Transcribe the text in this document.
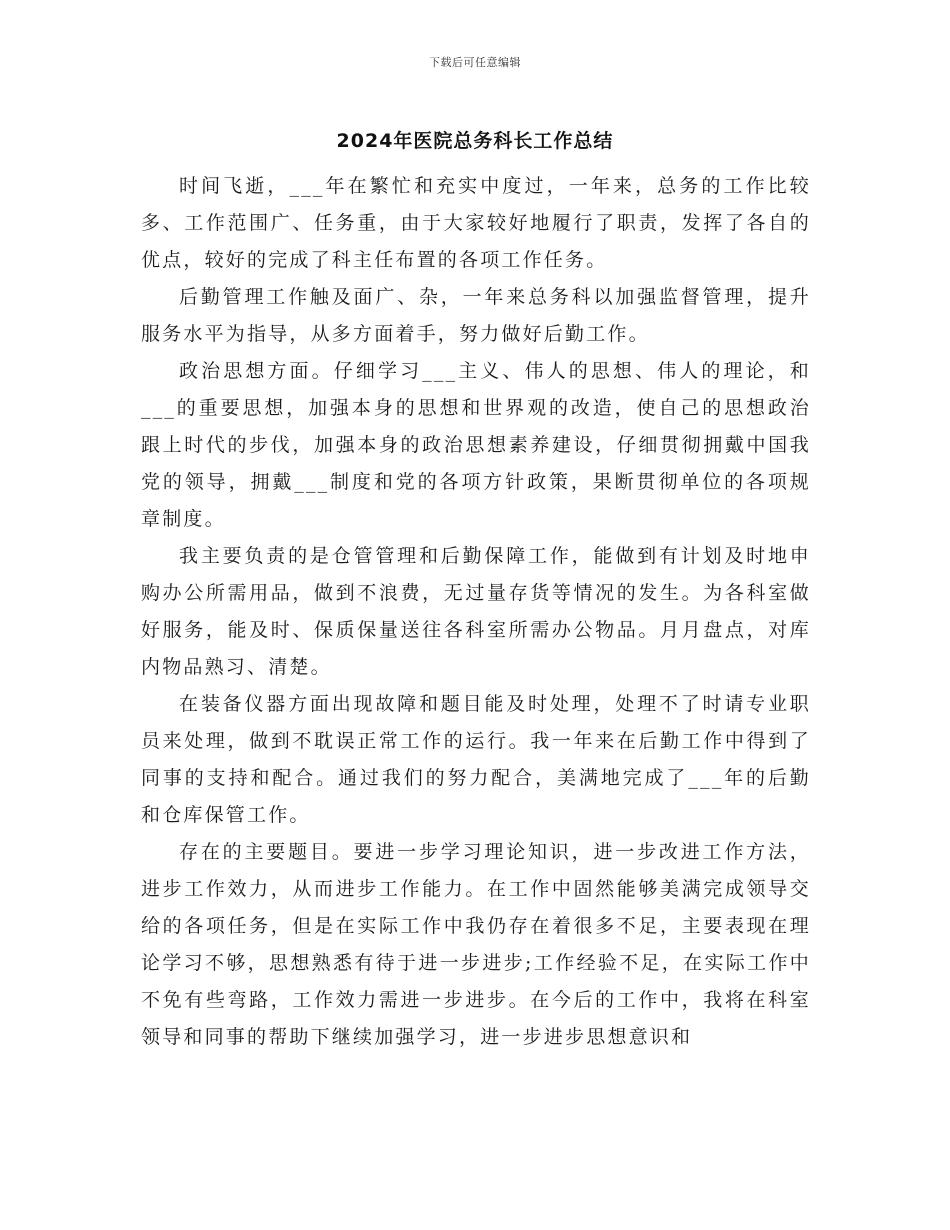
下载后可任意编辑
2024年医院总务科长工作总结

时间飞逝，___年在繁忙和充实中度过，一年来，总务的工作比较多、工作范围广、任务重，由于大家较好地履行了职责，发挥了各自的优点，较好的完成了科主任布置的各项工作任务。

后勤管理工作触及面广、杂，一年来总务科以加强监督管理，提升服务水平为指导，从多方面着手，努力做好后勤工作。

政治思想方面。仔细学习___主义、伟人的思想、伟人的理论，和___的重要思想，加强本身的思想和世界观的改造，使自己的思想政治跟上时代的步伐，加强本身的政治思想素养建设，仔细贯彻拥戴中国我党的领导，拥戴___制度和党的各项方针政策，果断贯彻单位的各项规章制度。

我主要负责的是仓管管理和后勤保障工作，能做到有计划及时地申购办公所需用品，做到不浪费，无过量存货等情况的发生。为各科室做好服务，能及时、保质保量送往各科室所需办公物品。月月盘点，对库内物品熟习、清楚。

在装备仪器方面出现故障和题目能及时处理，处理不了时请专业职员来处理，做到不耽误正常工作的运行。我一年来在后勤工作中得到了同事的支持和配合。通过我们的努力配合，美满地完成了___年的后勤和仓库保管工作。

存在的主要题目。要进一步学习理论知识，进一步改进工作方法，进步工作效力，从而进步工作能力。在工作中固然能够美满完成领导交给的各项任务，但是在实际工作中我仍存在着很多不足，主要表现在理论学习不够，思想熟悉有待于进一步进步;工作经验不足，在实际工作中不免有些弯路，工作效力需进一步进步。在今后的工作中，我将在科室领导和同事的帮助下继续加强学习，进一步进步思想意识和
